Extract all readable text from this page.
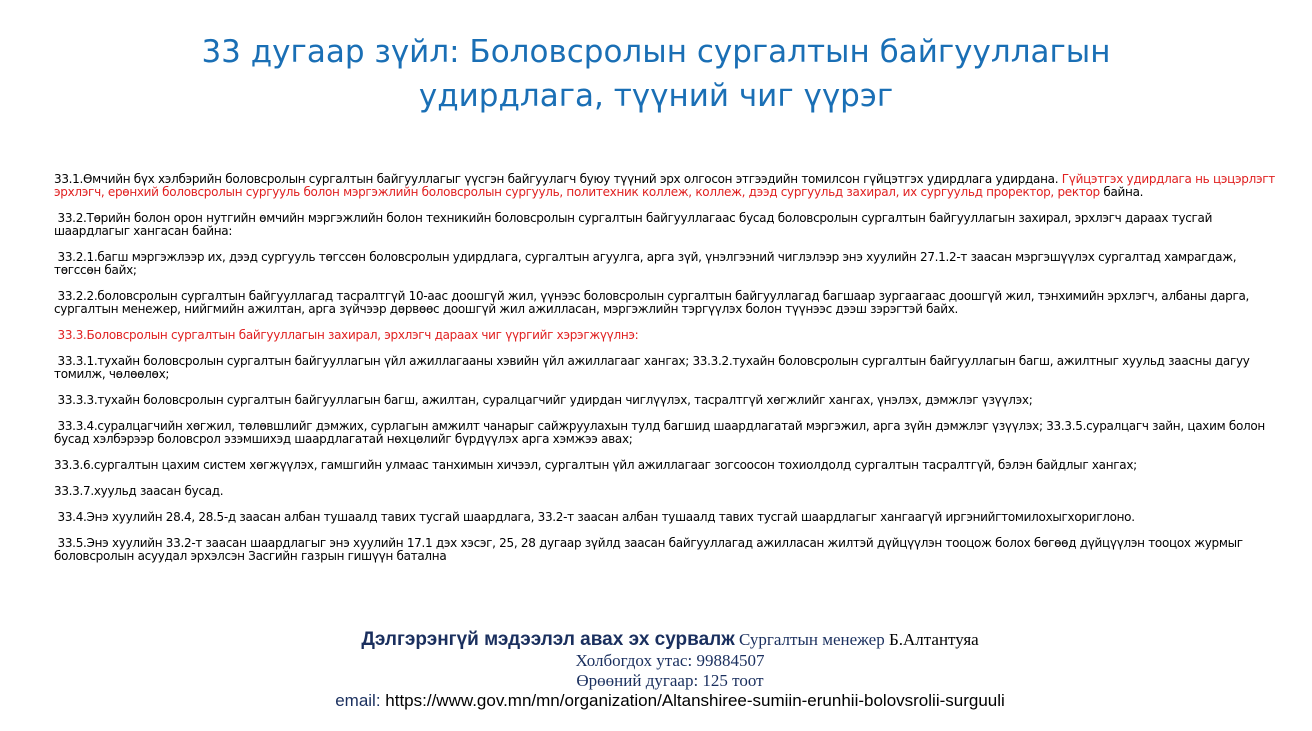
33 дугаар зүйл: Боловсролын сургалтын байгууллагын
удирдлага, түүний чиг үүрэг

33.1.Өмчийн бүх хэлбэрийн боловсролын сургалтын байгууллагыг үүсгэн байгуулагч буюу түүний эрх олгосон этгээдийн томилсон гүйцэтгэх удирдлага удирдана. Гүйцэтгэх удирдлага нь цэцэрлэгт эрхлэгч, ерөнхий боловсролын сургууль болон мэргэжлийн боловсролын сургууль, политехник коллеж, коллеж, дээд сургуульд захирал, их сургуульд проректор, ректор байна.

33.2.Төрийн болон орон нутгийн өмчийн мэргэжлийн болон техникийн боловсролын сургалтын байгууллагаас бусад боловсролын сургалтын байгууллагын захирал, эрхлэгч дараах тусгай шаардлагыг хангасан байна:

33.2.1.багш мэргэжлээр их, дээд сургууль төгссөн боловсролын удирдлага, сургалтын агуулга, арга зүй, үнэлгээний чиглэлээр энэ хуулийн 27.1.2-т заасан мэргэшүүлэх сургалтад хамрагдаж, төгссөн байх;

33.2.2.боловсролын сургалтын байгууллагад тасралтгүй 10-аас доошгүй жил, үүнээс боловсролын сургалтын байгууллагад багшаар зургаагаас доошгүй жил, тэнхимийн эрхлэгч, албаны дарга, сургалтын менежер, нийгмийн ажилтан, арга зүйчээр дөрвөөс доошгүй жил ажилласан, мэргэжлийн тэргүүлэх болон түүнээс дээш зэрэгтэй байх.

33.3.Боловсролын сургалтын байгууллагын захирал, эрхлэгч дараах чиг үүргийг хэрэгжүүлнэ:

33.3.1.тухайн боловсролын сургалтын байгууллагын үйл ажиллагааны хэвийн үйл ажиллагааг хангах; 33.3.2.тухайн боловсролын сургалтын байгууллагын багш, ажилтныг хуульд заасны дагуу томилж, чөлөөлөх;

33.3.3.тухайн боловсролын сургалтын байгууллагын багш, ажилтан, суралцагчийг удирдан чиглүүлэх, тасралтгүй хөгжлийг хангах, үнэлэх, дэмжлэг үзүүлэх;

33.3.4.суралцагчийн хөгжил, төлөвшлийг дэмжих, сурлагын амжилт чанарыг сайжруулахын тулд багшид шаардлагатай мэргэжил, арга зүйн дэмжлэг үзүүлэх; 33.3.5.суралцагч зайн, цахим болон бусад хэлбэрээр боловсрол эзэмшихэд шаардлагатай нөхцөлийг бүрдүүлэх арга хэмжээ авах;

33.3.6.сургалтын цахим систем хөгжүүлэх, гамшгийн улмаас танхимын хичээл, сургалтын үйл ажиллагааг зогсоосон тохиолдолд сургалтын тасралтгүй, бэлэн байдлыг хангах;

33.3.7.хуульд заасан бусад.

33.4.Энэ хуулийн 28.4, 28.5-д заасан албан тушаалд тавих тусгай шаардлага, 33.2-т заасан албан тушаалд тавих тусгай шаардлагыг хангаагүй иргэнийгтомилохыгхориглоно.

33.5.Энэ хуулийн 33.2-т заасан шаардлагыг энэ хуулийн 17.1 дэх хэсэг, 25, 28 дугаар зүйлд заасан байгууллагад ажилласан жилтэй дүйцүүлэн тооцож болох бөгөөд дүйцүүлэн тооцох журмыг боловсролын асуудал эрхэлсэн Засгийн газрын гишүүн батална

Дэлгэрэнгүй мэдээлэл авах эх сурвалж Сургалтын менежер Б.Алтантуяа
Холбогдох утас: 99884507
Өрөөний дугаар: 125 тоот
email: https://www.gov.mn/mn/organization/Altanshiree-sumiin-erunhii-bolovsrolii-surguuli
